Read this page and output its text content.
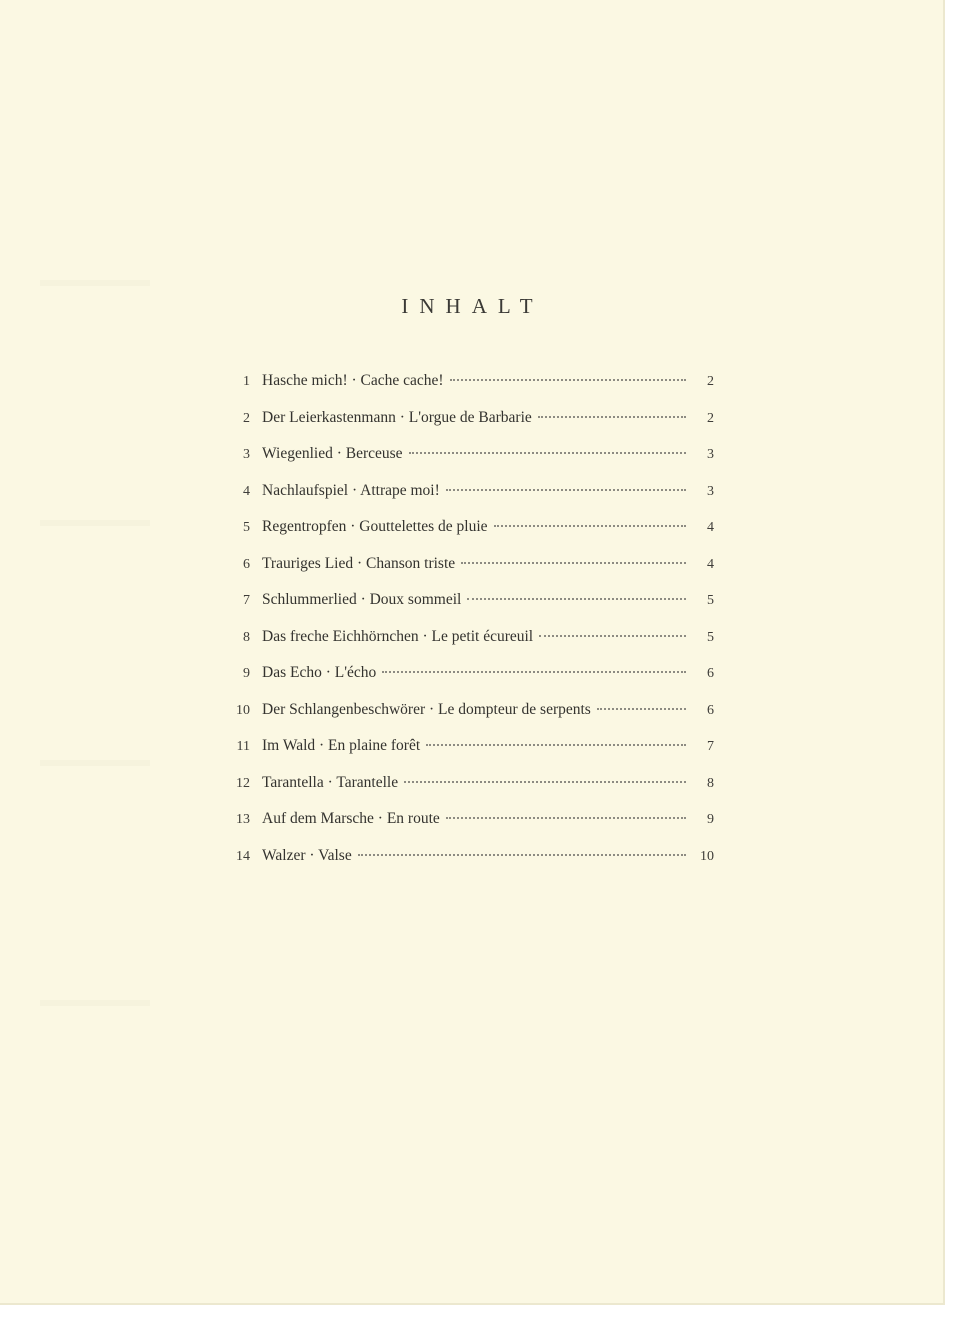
INHALT
1 Hasche mich! · Cache cache!	2
2 Der Leierkastenmann · L'orgue de Barbarie	2
3 Wiegenlied · Berceuse	3
4 Nachlaufspiel · Attrape moi!	3
5 Regentropfen · Gouttelettes de pluie	4
6 Trauriges Lied · Chanson triste	4
7 Schlummerlied · Doux sommeil	5
8 Das freche Eichhörnchen · Le petit écureuil	5
9 Das Echo · L'écho	6
10 Der Schlangenbeschwörer · Le dompteur de serpents	6
11 Im Wald · En plaine forêt	7
12 Tarantella · Tarantelle	8
13 Auf dem Marsche · En route	9
14 Walzer · Valse	10
